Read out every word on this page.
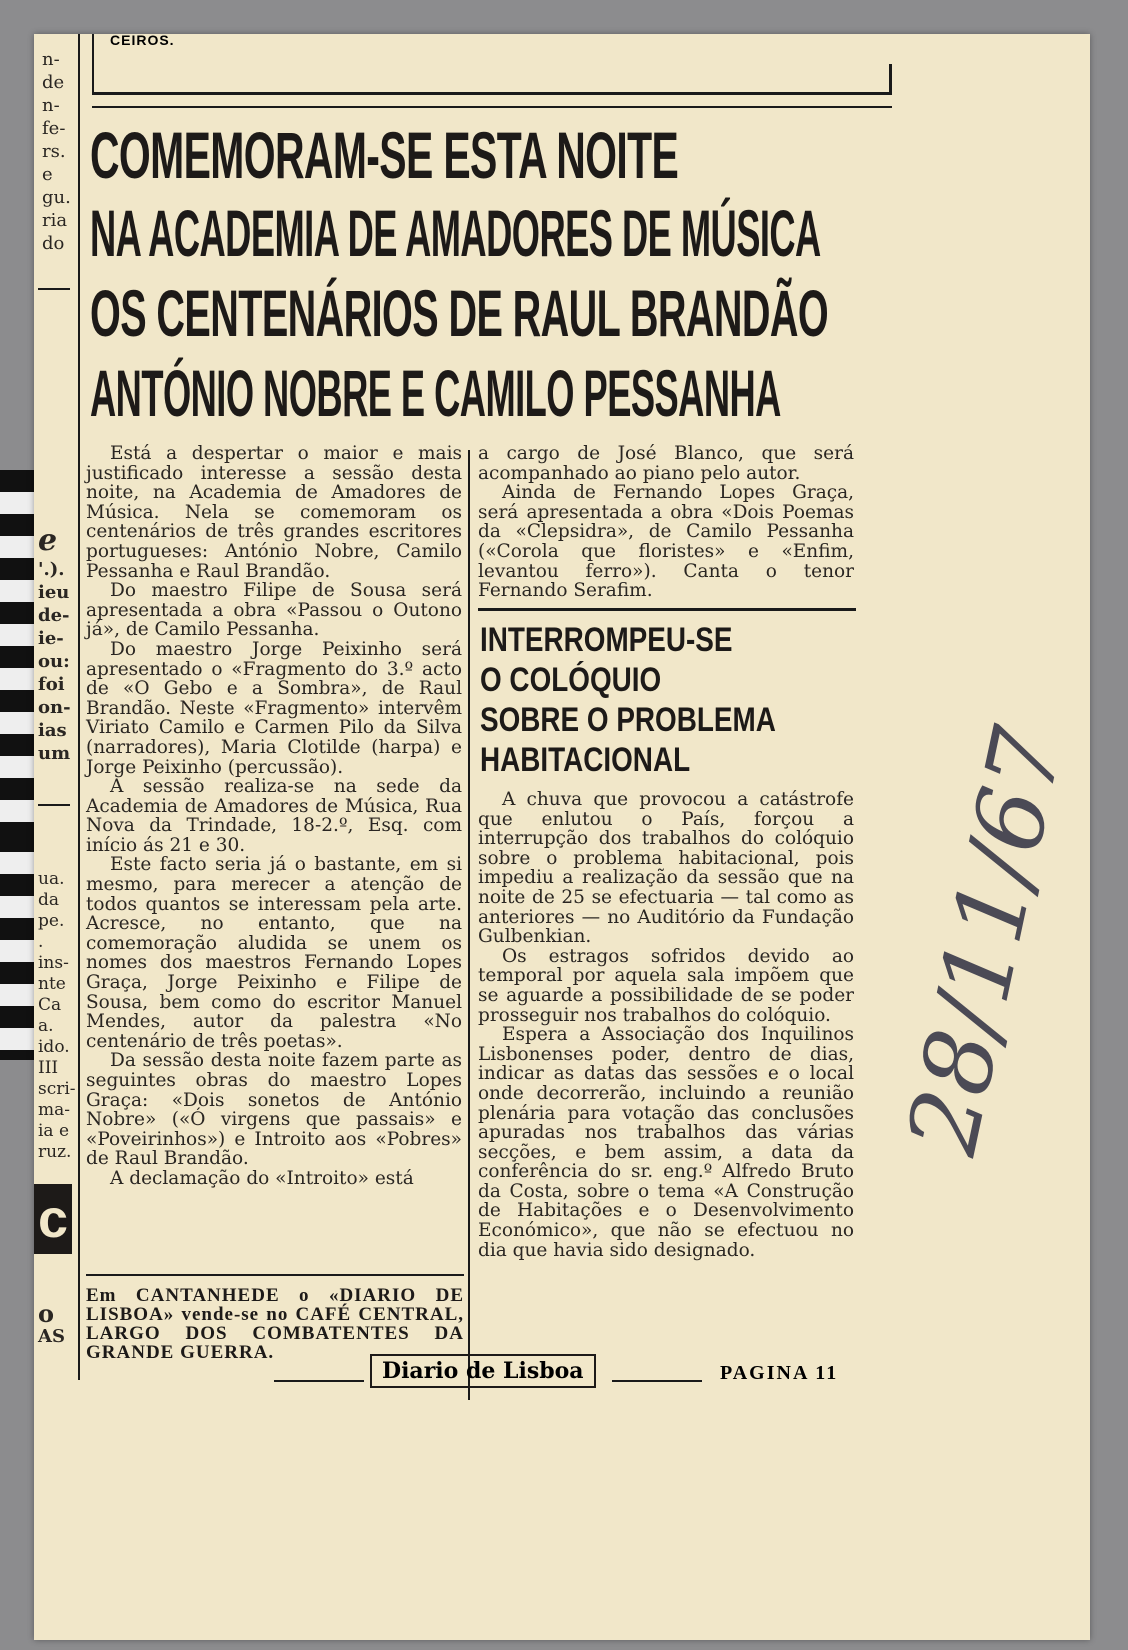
n-
de
n-
fe-
rs.
e
gu.
ria
do
e
'.).
ieu
de-
ie-
ou:
foi
on-
ias
um
ua.
da
pe.
.
ins-
nte
Ca
a.
ido.
III
scri-
ma-
ia e
ruz.
c
o
AS
CEIROS.
COMEMORAM-SE ESTA NOITE
NA ACADEMIA DE AMADORES DE MÚSICA
OS CENTENÁRIOS DE RAUL BRANDÃO
ANTÓNIO NOBRE E CAMILO PESSANHA

Está a despertar o maior e mais justificado interesse a sessão desta noite, na Academia de Amadores de Música. Nela se comemoram os centenários de três grandes escritores portugueses: António Nobre, Camilo Pessanha e Raul Brandão.

Do maestro Filipe de Sousa será apresentada a obra «Passou o Outono já», de Camilo Pessanha.

Do maestro Jorge Peixinho será apresentado o «Fragmento do 3.º acto de «O Gebo e a Sombra», de Raul Brandão. Neste «Fragmento» intervêm Viriato Camilo e Carmen Pilo da Silva (narradores), Maria Clotilde (harpa) e Jorge Peixinho (percussão).

A sessão realiza-se na sede da Academia de Amadores de Música, Rua Nova da Trindade, 18-2.º, Esq. com início ás 21 e 30.

Este facto seria já o bastante, em si mesmo, para merecer a atenção de todos quantos se interessam pela arte. Acresce, no entanto, que na comemoração aludida se unem os nomes dos maestros Fernando Lopes Graça, Jorge Peixinho e Filipe de Sousa, bem como do escritor Manuel Mendes, autor da palestra «No centenário de três poetas».

Da sessão desta noite fazem parte as seguintes obras do maestro Lopes Graça: «Dois sonetos de António Nobre» («Ó virgens que passais» e «Poveirinhos») e Introito aos «Pobres» de Raul Brandão.

A declamação do «Introito» está

Em CANTANHEDE o «DIARIO DE LISBOA» vende-se no CAFÉ CENTRAL, LARGO DOS COMBATENTES DA GRANDE GUERRA.

a cargo de José Blanco, que será acompanhado ao piano pelo autor.

Ainda de Fernando Lopes Graça, será apresentada a obra «Dois Poemas da «Clepsidra», de Camilo Pessanha («Corola que floristes» e «Enfim, levantou ferro»). Canta o tenor Fernando Serafim.

INTERROMPEU-SE
O COLÓQUIO
SOBRE O PROBLEMA
HABITACIONAL

A chuva que provocou a catástrofe que enlutou o País, forçou a interrupção dos trabalhos do colóquio sobre o problema habitacional, pois impediu a realização da sessão que na noite de 25 se efectuaria — tal como as anteriores — no Auditório da Fundação Gulbenkian.

Os estragos sofridos devido ao temporal por aquela sala impõem que se aguarde a possibilidade de se poder prosseguir nos trabalhos do colóquio.

Espera a Associação dos Inquilinos Lisbonenses poder, dentro de dias, indicar as datas das sessões e o local onde decorrerão, incluindo a reunião plenária para votação das conclusões apuradas nos trabalhos das várias secções, e bem assim, a data da conferência do sr. eng.º Alfredo Bruto da Costa, sobre o tema «A Construção de Habitações e o Desenvolvimento Económico», que não se efectuou no dia que havia sido designado.

Diario de Lisboa	PAGINA 11
28/11/67
